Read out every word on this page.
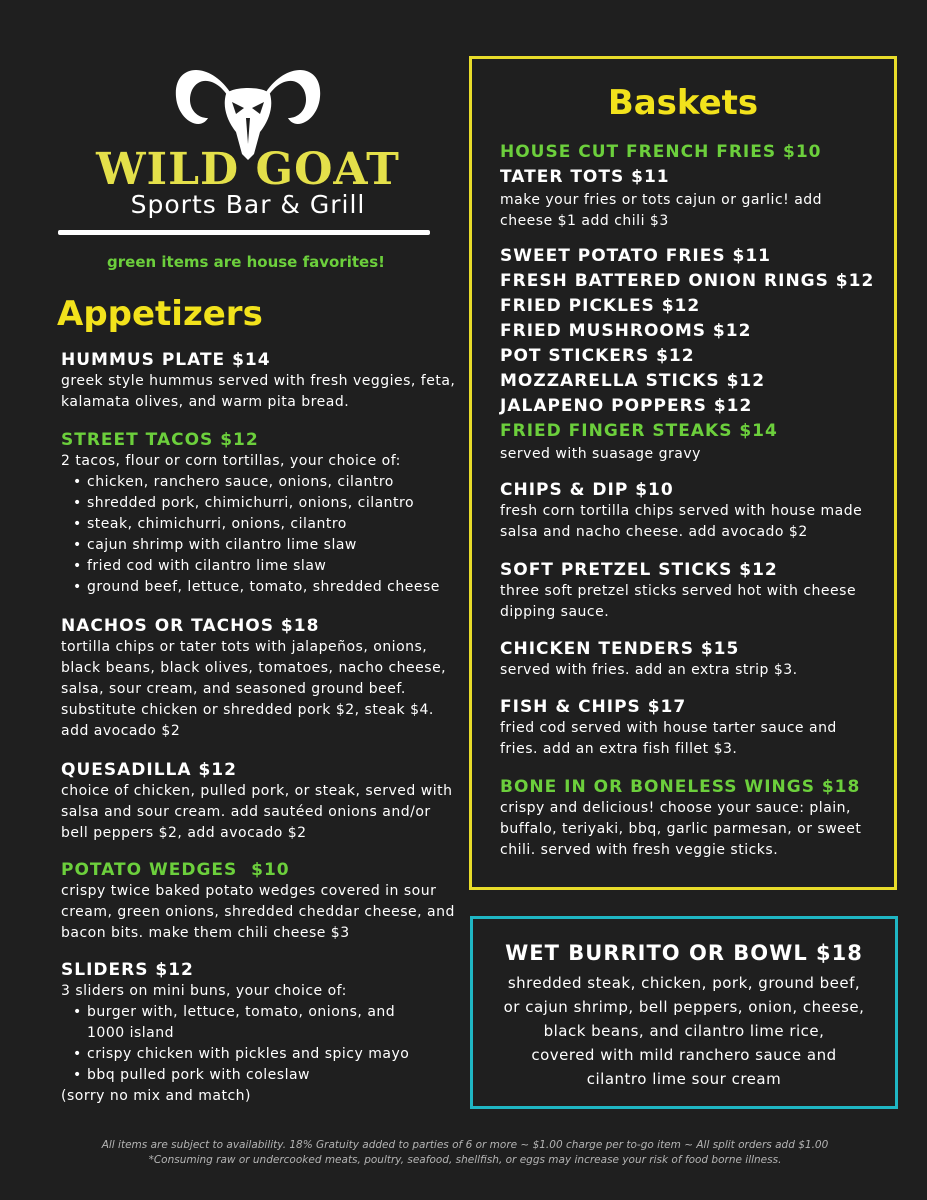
WILD GOAT
Sports Bar & Grill
green items are house favorites!
Appetizers
HUMMUS PLATE $14
greek style hummus served with fresh veggies, feta, kalamata olives, and warm pita bread.
STREET TACOS $12
2 tacos, flour or corn tortillas, your choice of:
• chicken, ranchero sauce, onions, cilantro
• shredded pork, chimichurri, onions, cilantro
• steak, chimichurri, onions, cilantro
• cajun shrimp with cilantro lime slaw
• fried cod with cilantro lime slaw
• ground beef, lettuce, tomato, shredded cheese
NACHOS OR TACHOS $18
tortilla chips or tater tots with jalapeños, onions, black beans, black olives, tomatoes, nacho cheese, salsa, sour cream, and seasoned ground beef. substitute chicken or shredded pork $2, steak $4. add avocado $2
QUESADILLA $12
choice of chicken, pulled pork, or steak, served with salsa and sour cream. add sautéed onions and/or bell peppers $2, add avocado $2
POTATO WEDGES  $10
crispy twice baked potato wedges covered in sour cream, green onions, shredded cheddar cheese, and bacon bits. make them chili cheese $3
SLIDERS $12
3 sliders on mini buns, your choice of:
• burger with, lettuce, tomato, onions, and 1000 island
• crispy chicken with pickles and spicy mayo
• bbq pulled pork with coleslaw
(sorry no mix and match)
Baskets
HOUSE CUT FRENCH FRIES $10
TATER TOTS $11
make your fries or tots cajun or garlic! add cheese $1 add chili $3
SWEET POTATO FRIES $11
FRESH BATTERED ONION RINGS $12
FRIED PICKLES $12
FRIED MUSHROOMS $12
POT STICKERS $12
MOZZARELLA STICKS $12
JALAPENO POPPERS $12
FRIED FINGER STEAKS $14
served with suasage gravy
CHIPS & DIP $10
fresh corn tortilla chips served with house made salsa and nacho cheese. add avocado $2
SOFT PRETZEL STICKS $12
three soft pretzel sticks served hot with cheese dipping sauce.
CHICKEN TENDERS $15
served with fries. add an extra strip $3.
FISH & CHIPS $17
fried cod served with house tarter sauce and fries. add an extra fish fillet $3.
BONE IN OR BONELESS WINGS $18
crispy and delicious! choose your sauce: plain, buffalo, teriyaki, bbq, garlic parmesan, or sweet chili. served with fresh veggie sticks.
WET BURRITO OR BOWL $18
shredded steak, chicken, pork, ground beef,
or cajun shrimp, bell peppers, onion, cheese,
black beans, and cilantro lime rice,
covered with mild ranchero sauce and
cilantro lime sour cream
All items are subject to availability. 18% Gratuity added to parties of 6 or more ~ $1.00 charge per to-go item ~ All split orders add $1.00 *Consuming raw or undercooked meats, poultry, seafood, shellfish, or eggs may increase your risk of food borne illness.
